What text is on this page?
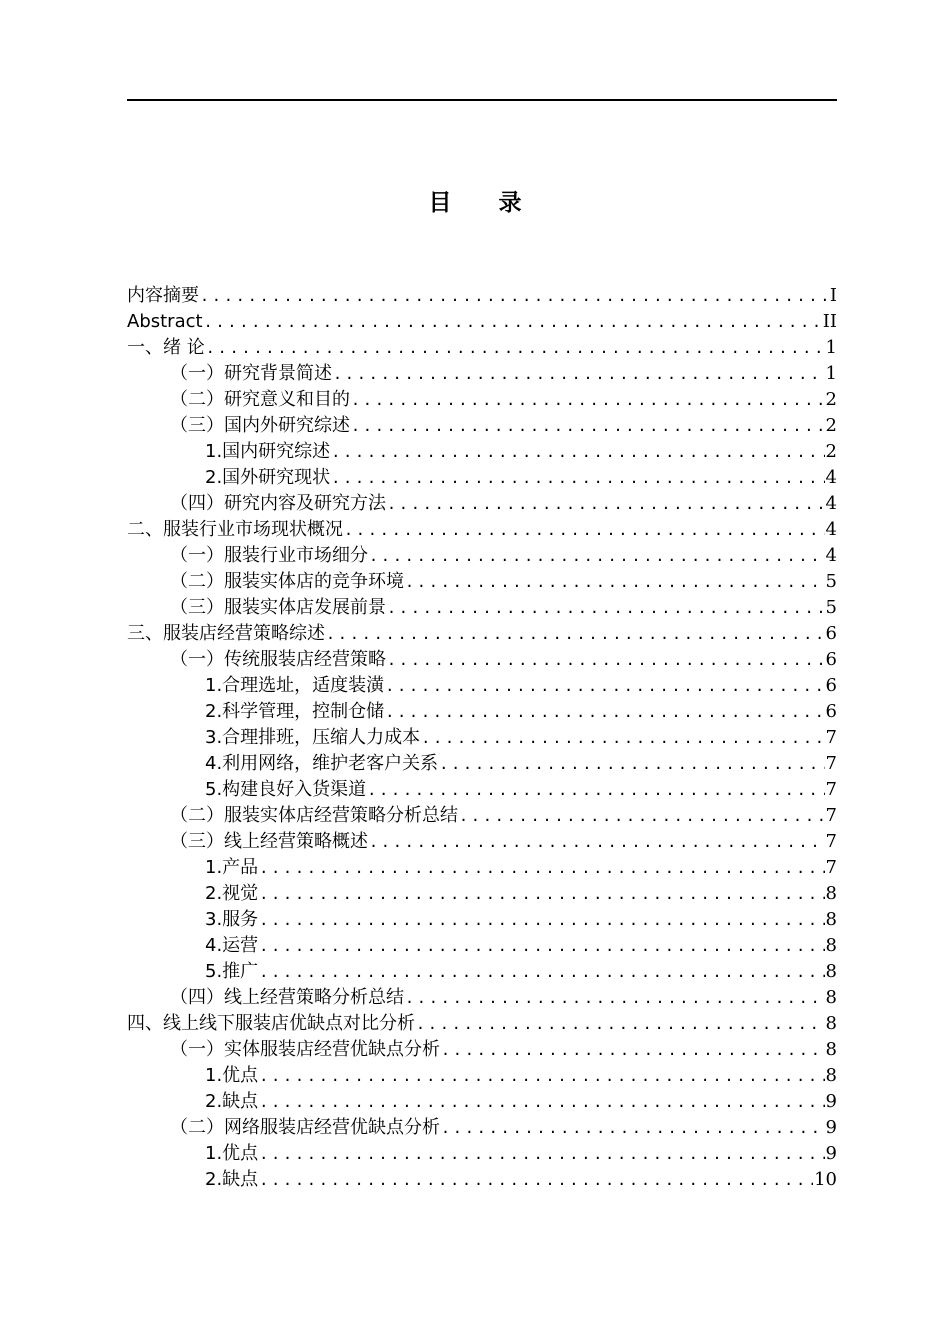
目录
内容摘要 .....	I
Abstract .....	II
一、绪 论 .....	1
（一）研究背景简述 .....	1
（二）研究意义和目的 .....	2
（三）国内外研究综述 .....	2
1.国内研究综述 .....	2
2.国外研究现状 .....	4
（四）研究内容及研究方法 .....	4
二、服装行业市场现状概况 .....	4
（一）服装行业市场细分 .....	4
（二）服装实体店的竞争环境 .....	5
（三）服装实体店发展前景 .....	5
三、服装店经营策略综述 .....	6
（一）传统服装店经营策略 .....	6
1.合理选址，适度装潢 .....	6
2.科学管理，控制仓储 .....	6
3.合理排班，压缩人力成本 .....	7
4.利用网络，维护老客户关系 .....	7
5.构建良好入货渠道 .....	7
（二）服装实体店经营策略分析总结 .....	7
（三）线上经营策略概述 .....	7
1.产品 .....	7
2.视觉 .....	8
3.服务 .....	8
4.运营 .....	8
5.推广 .....	8
（四）线上经营策略分析总结 .....	8
四、线上线下服装店优缺点对比分析 .....	8
（一）实体服装店经营优缺点分析 .....	8
1.优点 .....	8
2.缺点 .....	9
（二）网络服装店经营优缺点分析 .....	9
1.优点 .....	9
2.缺点 .....	10
